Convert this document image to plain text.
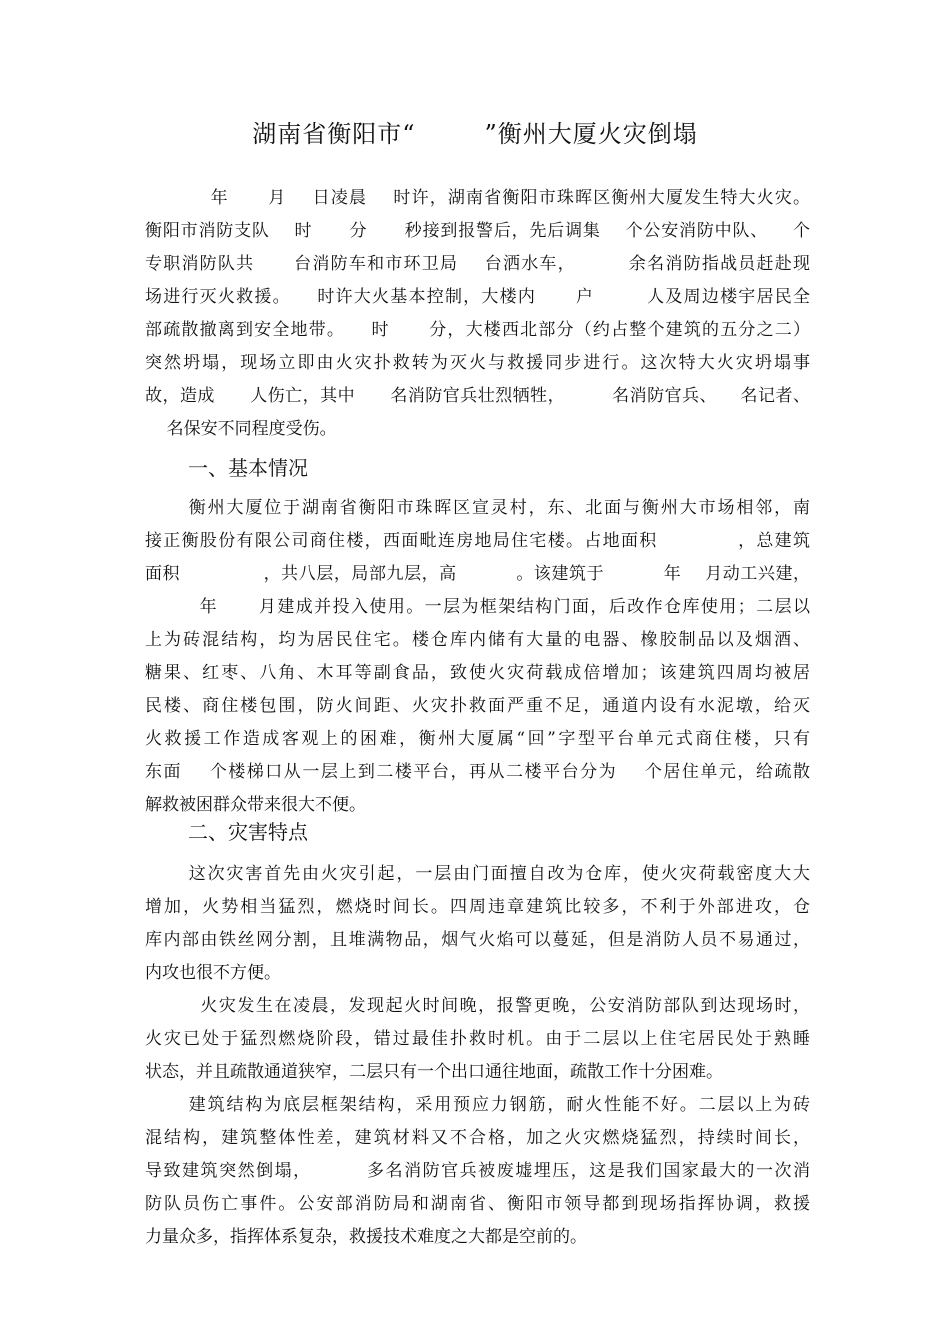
湖南省衡阳市“        ”衡州大厦火灾倒塌
年      月    日凌晨    时许，湖南省衡阳市珠晖区衡州大厦发生特大火灾。
衡阳市消防支队    时      分      秒接到报警后，先后调集    个公安消防中队、    个
专职消防队共      台消防车和市环卫局    台洒水车，        余名消防指战员赶赴现
场进行灭火救援。    时许大火基本控制，大楼内      户        人及周边楼宇居民全
部疏散撤离到安全地带。    时      分，大楼西北部分（约占整个建筑的五分之二）
突然坍塌，现场立即由火灾扑救转为灭火与救援同步进行。这次特大火灾坍塌事
故，造成      人伤亡，其中      名消防官兵壮烈牺牲，        名消防官兵、    名记者、
名保安不同程度受伤。
一、基本情况
衡州大厦位于湖南省衡阳市珠晖区宣灵村，东、北面与衡州大市场相邻，南
接正衡股份有限公司商住楼，西面毗连房地局住宅楼。占地面积            ，总建筑
面积              ，共八层，局部九层，高          。该建筑于          年    月动工兴建，
年      月建成并投入使用。一层为框架结构门面，后改作仓库使用；二层以
上为砖混结构，均为居民住宅。楼仓库内储有大量的电器、橡胶制品以及烟酒、
糖果、红枣、八角、木耳等副食品，致使火灾荷载成倍增加；该建筑四周均被居
民楼、商住楼包围，防火间距、火灾扑救面严重不足，通道内设有水泥墩，给灭
火救援工作造成客观上的困难，衡州大厦属“回”字型平台单元式商住楼，只有
东面    个楼梯口从一层上到二楼平台，再从二楼平台分为    个居住单元，给疏散
解救被困群众带来很大不便。
二、灾害特点
这次灾害首先由火灾引起，一层由门面擅自改为仓库，使火灾荷载密度大大
增加，火势相当猛烈，燃烧时间长。四周违章建筑比较多，不利于外部进攻，仓
库内部由铁丝网分割，且堆满物品，烟气火焰可以蔓延，但是消防人员不易通过，
内攻也很不方便。
火灾发生在凌晨，发现起火时间晚，报警更晚，公安消防部队到达现场时，
火灾已处于猛烈燃烧阶段，错过最佳扑救时机。由于二层以上住宅居民处于熟睡
状态，并且疏散通道狭窄，二层只有一个出口通往地面，疏散工作十分困难。
建筑结构为底层框架结构，采用预应力钢筋，耐火性能不好。二层以上为砖
混结构，建筑整体性差，建筑材料又不合格，加之火灾燃烧猛烈，持续时间长，
导致建筑突然倒塌，        多名消防官兵被废墟埋压，这是我们国家最大的一次消
防队员伤亡事件。公安部消防局和湖南省、衡阳市领导都到现场指挥协调，救援
力量众多，指挥体系复杂，救援技术难度之大都是空前的。
